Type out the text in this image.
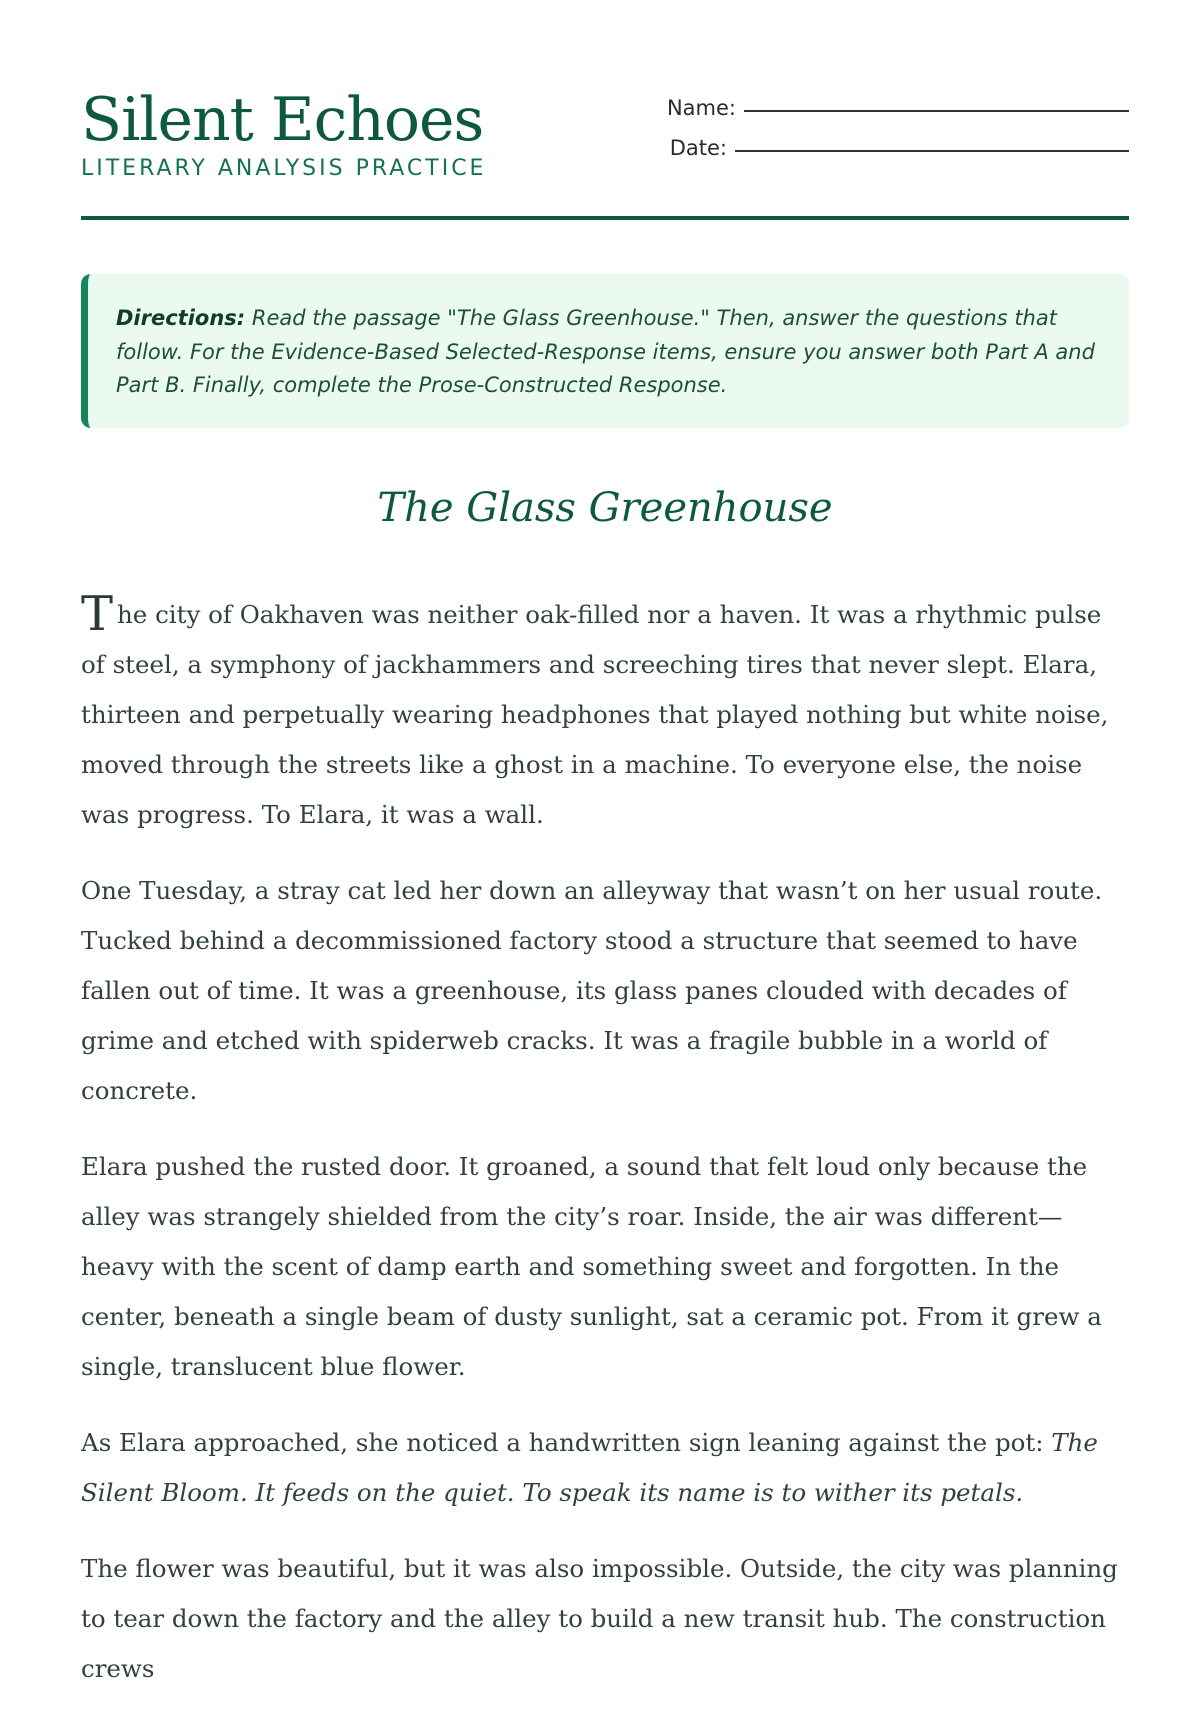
Silent Echoes
LITERARY ANALYSIS PRACTICE
Name:
Date:
Directions: Read the passage "The Glass Greenhouse." Then, answer the questions that follow. For the Evidence-Based Selected-Response items, ensure you answer both Part A and Part B. Finally, complete the Prose-Constructed Response.
The Glass Greenhouse

The city of Oakhaven was neither oak-filled nor a haven. It was a rhythmic pulse of steel, a symphony of jackhammers and screeching tires that never slept. Elara, thirteen and perpetually wearing headphones that played nothing but white noise, moved through the streets like a ghost in a machine. To everyone else, the noise was progress. To Elara, it was a wall.

One Tuesday, a stray cat led her down an alleyway that wasn’t on her usual route. Tucked behind a decommissioned factory stood a structure that seemed to have fallen out of time. It was a greenhouse, its glass panes clouded with decades of grime and etched with spiderweb cracks. It was a fragile bubble in a world of concrete.

Elara pushed the rusted door. It groaned, a sound that felt loud only because the alley was strangely shielded from the city’s roar. Inside, the air was different—heavy with the scent of damp earth and something sweet and forgotten. In the center, beneath a single beam of dusty sunlight, sat a ceramic pot. From it grew a single, translucent blue flower.

As Elara approached, she noticed a handwritten sign leaning against the pot: The Silent Bloom. It feeds on the quiet. To speak its name is to wither its petals.

The flower was beautiful, but it was also impossible. Outside, the city was planning to tear down the factory and the alley to build a new transit hub. The construction crews
